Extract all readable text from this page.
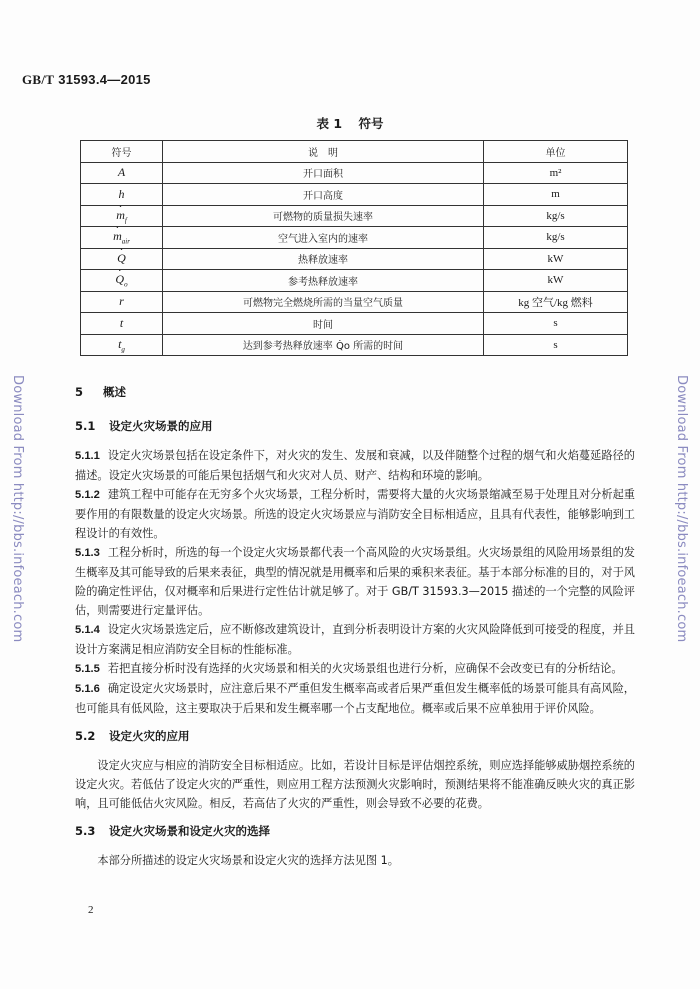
GB/T 31593.4—2015
表 1 符号
符号	说　明	单位
A	开口面积	m²
h	开口高度	m
· $m_f$	可燃物的质量损失速率	kg/s
· $m_{air}$	空气进入室内的速率	kg/s
· Q	热释放速率	kW
· $Q_o$	参考热释放速率	kW
r	可燃物完全燃烧所需的当量空气质量	kg 空气/kg 燃料
t	时间	s
$t_g$	达到参考热释放速率 Q̇o 所需的时间	s
Download From http://bbs.infoeach.com	Download From http://bbs.infoeach.com
5 概述
5.1 设定火灾场景的应用

5.1.1 设定火灾场景包括在设定条件下，对火灾的发生、发展和衰减，以及伴随整个过程的烟气和火焰蔓延路径的描述。设定火灾场景的可能后果包括烟气和火灾对人员、财产、结构和环境的影响。

5.1.2 建筑工程中可能存在无穷多个火灾场景，工程分析时，需要将大量的火灾场景缩减至易于处理且对分析起重要作用的有限数量的设定火灾场景。所选的设定火灾场景应与消防安全目标相适应，且具有代表性，能够影响到工程设计的有效性。

5.1.3 工程分析时，所选的每一个设定火灾场景都代表一个高风险的火灾场景组。火灾场景组的风险用场景组的发生概率及其可能导致的后果来表征，典型的情况就是用概率和后果的乘积来表征。基于本部分标准的目的，对于风险的确定性评估，仅对概率和后果进行定性估计就足够了。对于 GB/T 31593.3—2015 描述的一个完整的风险评估，则需要进行定量评估。

5.1.4 设定火灾场景选定后，应不断修改建筑设计，直到分析表明设计方案的火灾风险降低到可接受的程度，并且设计方案满足相应消防安全目标的性能标准。

5.1.5 若把直接分析时没有选择的火灾场景和相关的火灾场景组也进行分析，应确保不会改变已有的分析结论。

5.1.6 确定设定火灾场景时，应注意后果不严重但发生概率高或者后果严重但发生概率低的场景可能具有高风险，也可能具有低风险，这主要取决于后果和发生概率哪一个占支配地位。概率或后果不应单独用于评价风险。

5.2 设定火灾的应用

设定火灾应与相应的消防安全目标相适应。比如，若设计目标是评估烟控系统，则应选择能够威胁烟控系统的设定火灾。若低估了设定火灾的严重性，则应用工程方法预测火灾影响时，预测结果将不能准确反映火灾的真正影响，且可能低估火灾风险。相反，若高估了火灾的严重性，则会导致不必要的花费。

5.3 设定火灾场景和设定火灾的选择

本部分所描述的设定火灾场景和设定火灾的选择方法见图 1。

2
